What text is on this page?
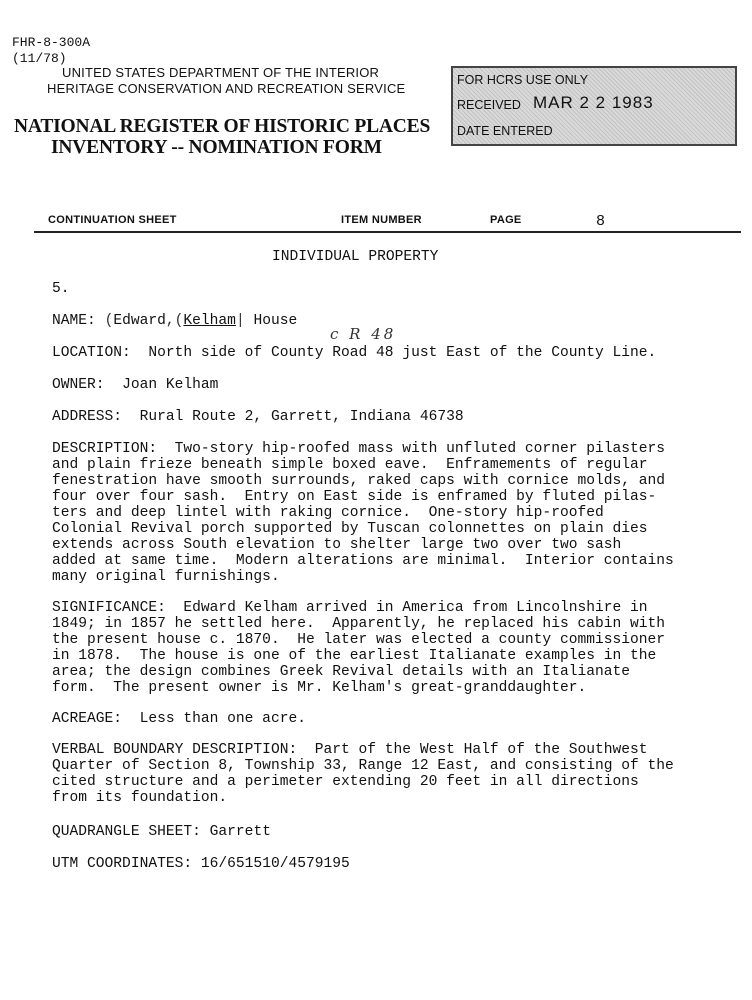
FHR-8-300A
(11/78)
UNITED STATES DEPARTMENT OF THE INTERIOR
HERITAGE CONSERVATION AND RECREATION SERVICE
NATIONAL REGISTER OF HISTORIC PLACES
INVENTORY -- NOMINATION FORM
FOR HCRS USE ONLY
RECEIVED MAR 2 2 1983
DATE ENTERED
CONTINUATION SHEET	ITEM NUMBER	PAGE	8
INDIVIDUAL PROPERTY
5.
NAME: (Edward,(Kelham| House
c R 48
LOCATION: North side of County Road 48 just East of the County Line.
OWNER: Joan Kelham
ADDRESS: Rural Route 2, Garrett, Indiana 46738
DESCRIPTION:  Two-story hip-roofed mass with unfluted corner pilasters
and plain frieze beneath simple boxed eave.  Enframements of regular
fenestration have smooth surrounds, raked caps with cornice molds, and
four over four sash.  Entry on East side is enframed by fluted pilas-
ters and deep lintel with raking cornice.  One-story hip-roofed
Colonial Revival porch supported by Tuscan colonnettes on plain dies
extends across South elevation to shelter large two over two sash
added at same time.  Modern alterations are minimal.  Interior contains
many original furnishings.
SIGNIFICANCE:  Edward Kelham arrived in America from Lincolnshire in
1849; in 1857 he settled here.  Apparently, he replaced his cabin with
the present house c. 1870.  He later was elected a county commissioner
in 1878.  The house is one of the earliest Italianate examples in the
area; the design combines Greek Revival details with an Italianate
form.  The present owner is Mr. Kelham's great-granddaughter.
ACREAGE: Less than one acre.
VERBAL BOUNDARY DESCRIPTION:  Part of the West Half of the Southwest
Quarter of Section 8, Township 33, Range 12 East, and consisting of the
cited structure and a perimeter extending 20 feet in all directions
from its foundation.
QUADRANGLE SHEET: Garrett
UTM COORDINATES: 16/651510/4579195
